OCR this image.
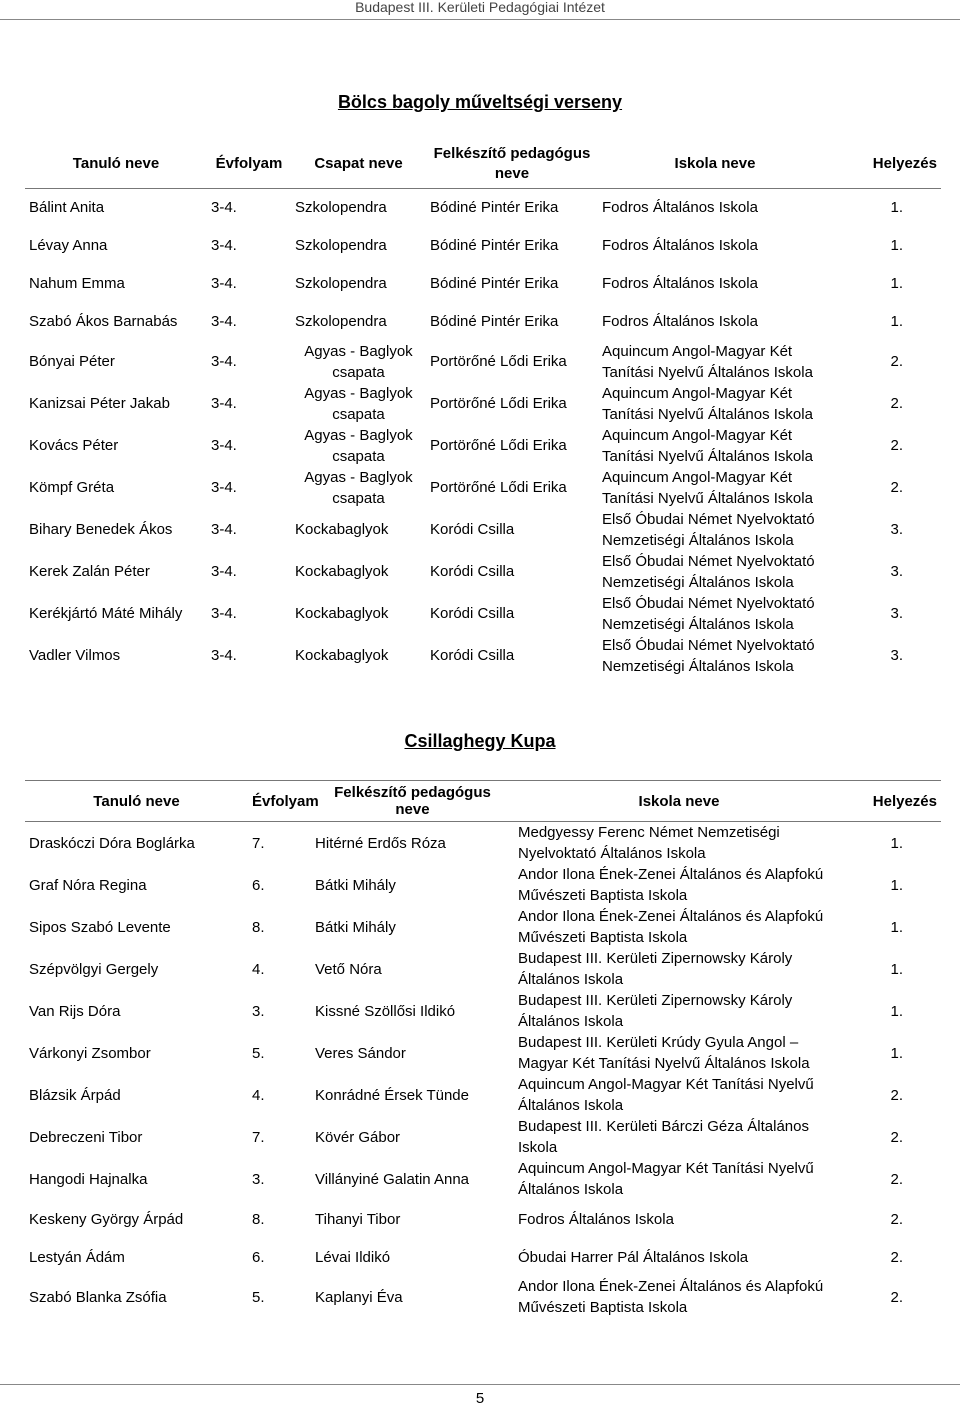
Budapest III. Kerületi Pedagógiai Intézet
Bölcs bagoly műveltségi verseny
Tanuló neve	Évfolyam	Csapat neve	Felkészítő pedagógus neve	Iskola neve	Helyezés
Bálint Anita	3-4.	Szkolopendra	Bódiné Pintér Erika	Fodros Általános Iskola	1.
Lévay Anna	3-4.	Szkolopendra	Bódiné Pintér Erika	Fodros Általános Iskola	1.
Nahum Emma	3-4.	Szkolopendra	Bódiné Pintér Erika	Fodros Általános Iskola	1.
Szabó Ákos Barnabás	3-4.	Szkolopendra	Bódiné Pintér Erika	Fodros Általános Iskola	1.
Bónyai Péter	3-4.	Agyas - Baglyok csapata	Portörőné Lődi Erika	Aquincum Angol-Magyar Két Tanítási Nyelvű Általános Iskola	2.
Kanizsai Péter Jakab	3-4.	Agyas - Baglyok csapata	Portörőné Lődi Erika	Aquincum Angol-Magyar Két Tanítási Nyelvű Általános Iskola	2.
Kovács Péter	3-4.	Agyas - Baglyok csapata	Portörőné Lődi Erika	Aquincum Angol-Magyar Két Tanítási Nyelvű Általános Iskola	2.
Kömpf Gréta	3-4.	Agyas - Baglyok csapata	Portörőné Lődi Erika	Aquincum Angol-Magyar Két Tanítási Nyelvű Általános Iskola	2.
Bihary Benedek Ákos	3-4.	Kockabaglyok	Koródi Csilla	Első Óbudai Német Nyelvoktató Nemzetiségi Általános Iskola	3.
Kerek Zalán Péter	3-4.	Kockabaglyok	Koródi Csilla	Első Óbudai Német Nyelvoktató Nemzetiségi Általános Iskola	3.
Kerékjártó Máté Mihály	3-4.	Kockabaglyok	Koródi Csilla	Első Óbudai Német Nyelvoktató Nemzetiségi Általános Iskola	3.
Vadler Vilmos	3-4.	Kockabaglyok	Koródi Csilla	Első Óbudai Német Nyelvoktató Nemzetiségi Általános Iskola	3.
Csillaghegy Kupa
Tanuló neve	Évfolyam	Felkészítő pedagógus neve	Iskola neve	Helyezés
Draskóczi Dóra Boglárka	7.	Hitérné Erdős Róza	Medgyessy Ferenc Német Nemzetiségi Nyelvoktató Általános Iskola	1.
Graf Nóra Regina	6.	Bátki Mihály	Andor Ilona Ének-Zenei Általános és Alapfokú Művészeti Baptista Iskola	1.
Sipos Szabó Levente	8.	Bátki Mihály	Andor Ilona Ének-Zenei Általános és Alapfokú Művészeti Baptista Iskola	1.
Szépvölgyi Gergely	4.	Vető Nóra	Budapest III. Kerületi Zipernowsky Károly Általános Iskola	1.
Van Rijs Dóra	3.	Kissné Szöllősi Ildikó	Budapest III. Kerületi Zipernowsky Károly Általános Iskola	1.
Várkonyi Zsombor	5.	Veres Sándor	Budapest III. Kerületi Krúdy Gyula Angol – Magyar Két Tanítási Nyelvű Általános Iskola	1.
Blázsik Árpád	4.	Konrádné Érsek Tünde	Aquincum Angol-Magyar Két Tanítási Nyelvű Általános Iskola	2.
Debreczeni Tibor	7.	Kövér Gábor	Budapest III. Kerületi Bárczi Géza Általános Iskola	2.
Hangodi Hajnalka	3.	Villányiné Galatin Anna	Aquincum Angol-Magyar Két Tanítási Nyelvű Általános Iskola	2.
Keskeny György Árpád	8.	Tihanyi Tibor	Fodros Általános Iskola	2.
Lestyán Ádám	6.	Lévai Ildikó	Óbudai Harrer Pál Általános Iskola	2.
Szabó Blanka Zsófia	5.	Kaplanyi Éva	Andor Ilona Ének-Zenei Általános és Alapfokú Művészeti Baptista Iskola	2.
5
